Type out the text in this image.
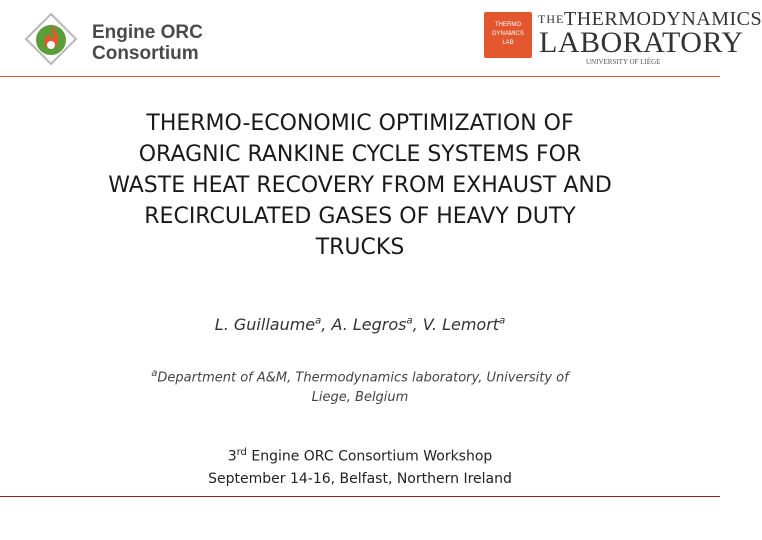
Engine ORC
Consortium
THERMO
DYNAMICS
LAB
THE THERMODYNAMICS
LABORATORY
UNIVERSITY OF LIÈGE
THERMO-ECONOMIC OPTIMIZATION OF
ORAGNIC RANKINE CYCLE SYSTEMS FOR
WASTE HEAT RECOVERY FROM EXHAUST AND
RECIRCULATED GASES OF HEAVY DUTY
TRUCKS
L. Guillaume$^a$, A. Legros$^a$, V. Lemort$^a$
$^a$Department of A&M, Thermodynamics laboratory, University of
Liege, Belgium
3rd Engine ORC Consortium Workshop
September 14-16, Belfast, Northern Ireland
